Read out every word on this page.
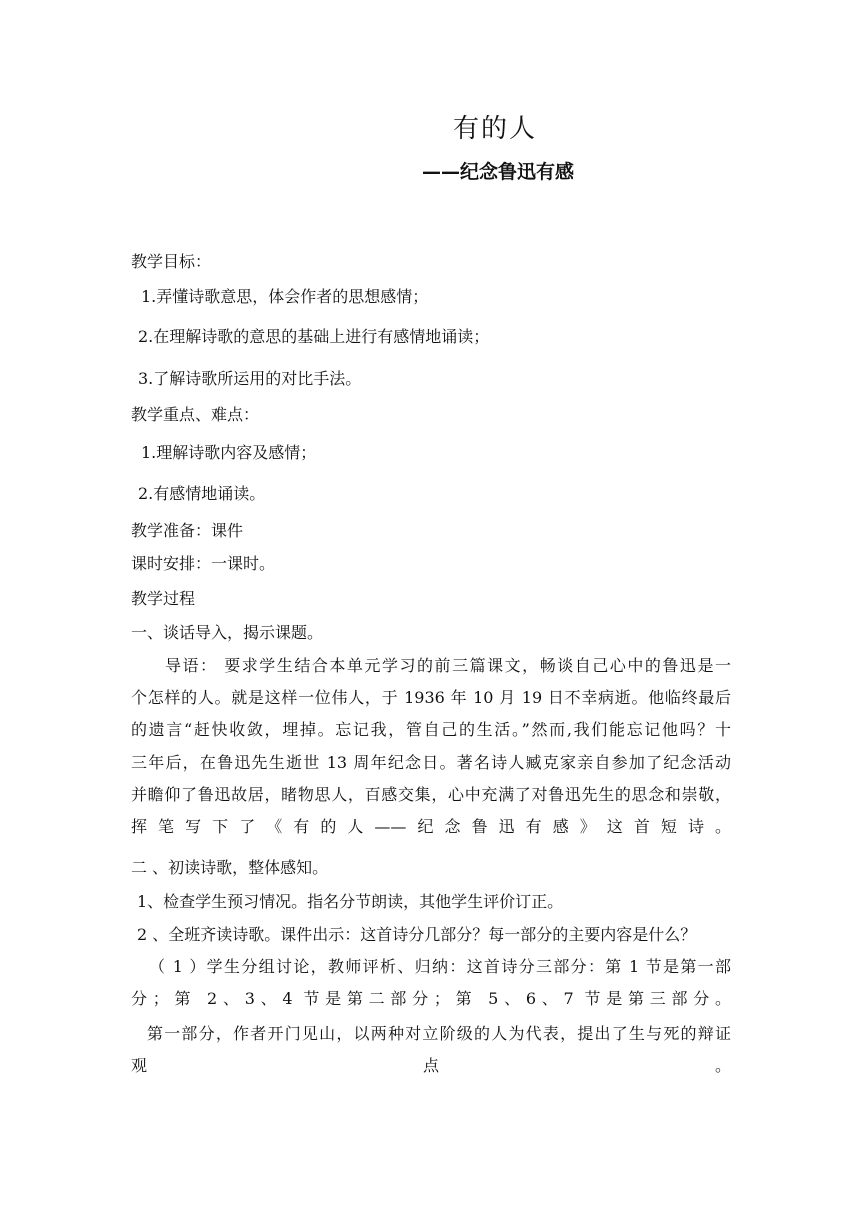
有的人
——纪念鲁迅有感
教学目标：
1.弄懂诗歌意思，体会作者的思想感情；
2.在理解诗歌的意思的基础上进行有感情地诵读；
3.了解诗歌所运用的对比手法。
教学重点、难点：
1.理解诗歌内容及感情；
2.有感情地诵读。
教学准备：课件
课时安排：一课时。
教学过程
一、谈话导入，揭示课题。
导语： 要求学生结合本单元学习的前三篇课文，畅谈自己心中的鲁迅是一
个怎样的人。就是这样一位伟人，于 1936 年 10 月 19 日不幸病逝。他临终最后
的遗言“赶快收敛，埋掉。忘记我，管自己的生活。”然而,我们能忘记他吗？十
三年后，在鲁迅先生逝世 13 周年纪念日。著名诗人臧克家亲自参加了纪念活动
并瞻仰了鲁迅故居，睹物思人，百感交集，心中充满了对鲁迅先生的思念和崇敬，
挥笔写下了《有的人——纪念鲁迅有感》这首短诗。
二 、初读诗歌，整体感知。
1、检查学生预习情况。指名分节朗读，其他学生评价订正。
2 、全班齐读诗歌。课件出示：这首诗分几部分？每一部分的主要内容是什么？
（ 1 ）学生分组讨论，教师评析、归纳：这首诗分三部分：第 1 节是第一部
分；第 2、3、4 节是第二部分；第 5、6、7 节是第三部分。
第一部分，作者开门见山，以两种对立阶级的人为代表，提出了生与死的辩证
观点。
